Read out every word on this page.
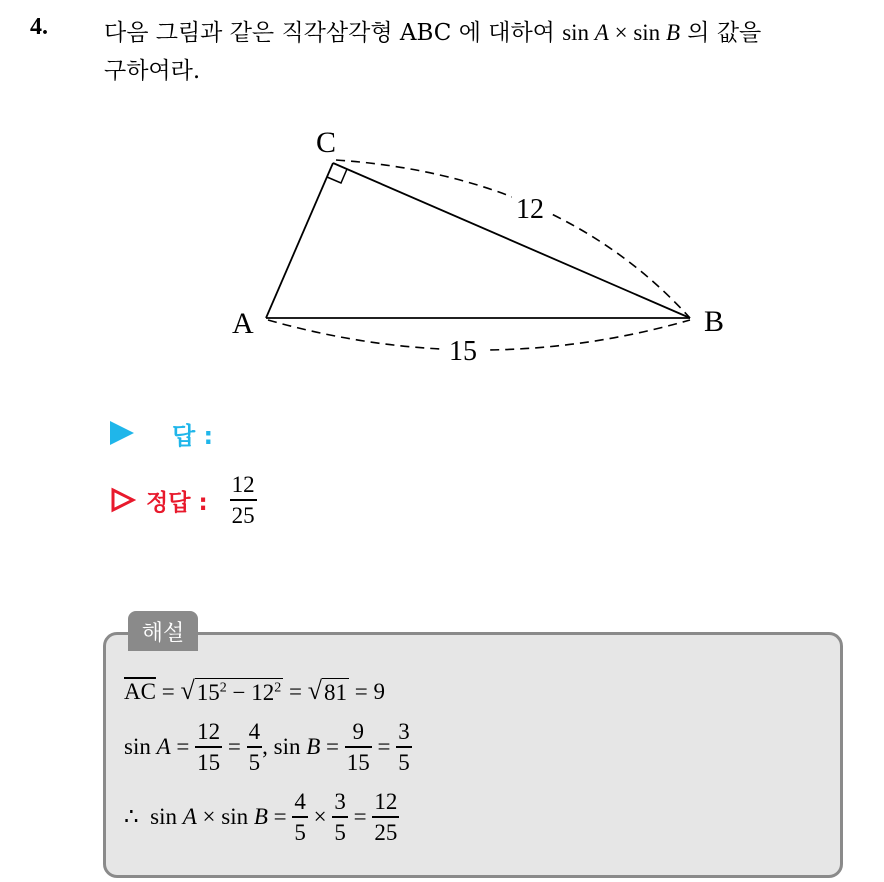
4. 다음 그림과 같은 직각삼각형 ABC 에 대하여 sin A × sin B 의 값을
구하여라.
A	B
C
12
15
답 :
정답 : $\frac{12}{25}$
해설
$\overline{AC}$ = √ $15^2 - 12^2$ = √ 81 = 9
$\sin A = \frac{12}{15} = \frac{4}{5}$ , $\sin B = \frac{9}{15} = \frac{3}{5}$
∴  $\sin A \times \sin B = \frac{4}{5} \times \frac{3}{5} = \frac{12}{25}$
